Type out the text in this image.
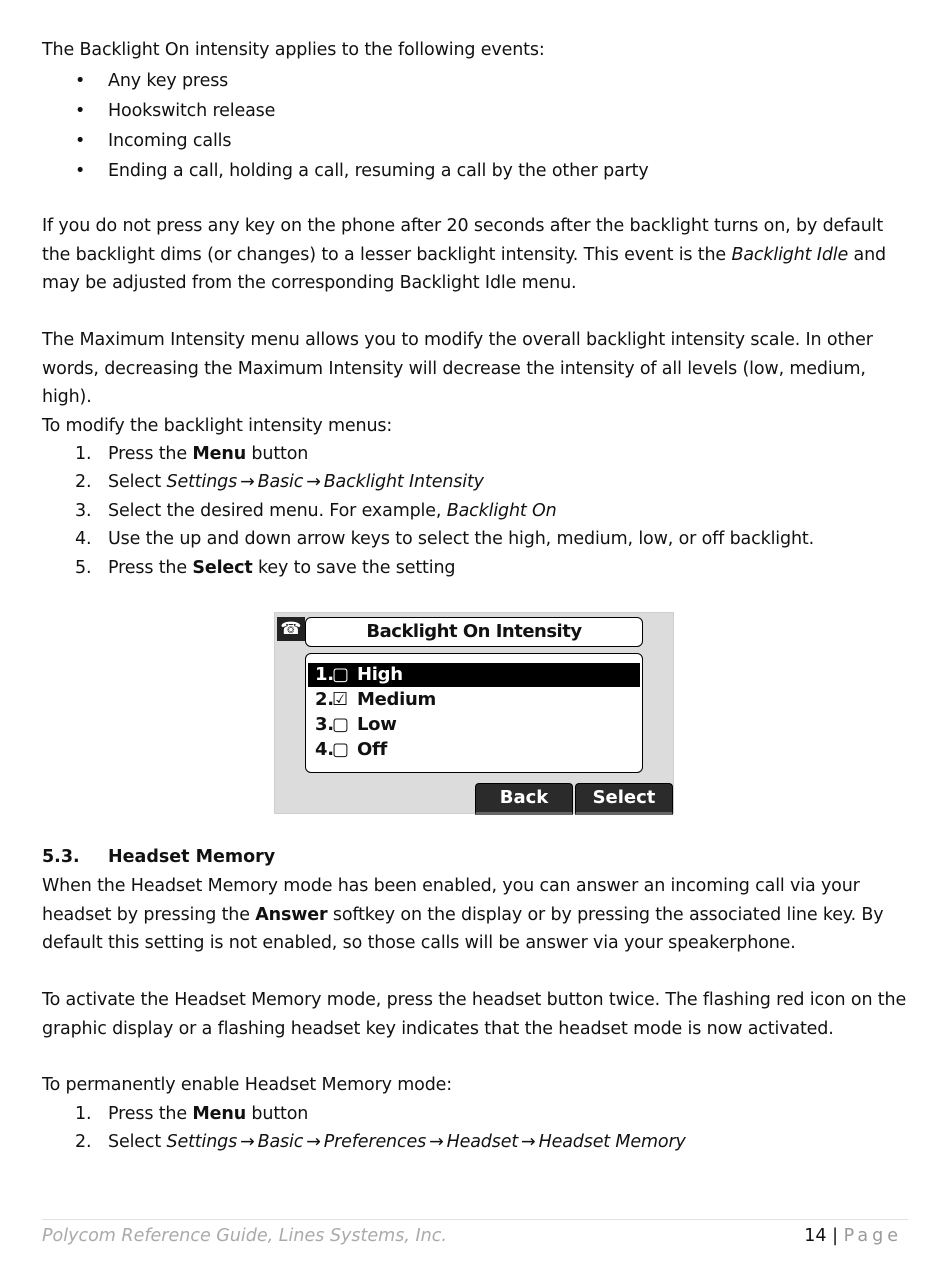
The Backlight On intensity applies to the following events:

• Any key press
• Hookswitch release
• Incoming calls
• Ending a call, holding a call, resuming a call by the other party

If you do not press any key on the phone after 20 seconds after the backlight turns on, by default the backlight dims (or changes) to a lesser backlight intensity. This event is the Backlight Idle and may be adjusted from the corresponding Backlight Idle menu.

The Maximum Intensity menu allows you to modify the overall backlight intensity scale. In other words, decreasing the Maximum Intensity will decrease the intensity of all levels (low, medium, high).

To modify the backlight intensity menus:

1. Press the Menu button
2. Select Settings → Basic → Backlight Intensity
3. Select the desired menu. For example, Backlight On
4. Use the up and down arrow keys to select the high, medium, low, or off backlight.
5. Press the Select key to save the setting
☎	Backlight On Intensity
1.
▢ High
2.
☑ Medium
3.
▢ Low
4.
▢ Off
Back	Select
5.3. Headset Memory

When the Headset Memory mode has been enabled, you can answer an incoming call via your headset by pressing the Answer softkey on the display or by pressing the associated line key. By default this setting is not enabled, so those calls will be answer via your speakerphone.

To activate the Headset Memory mode, press the headset button twice. The flashing red icon on the graphic display or a flashing headset key indicates that the headset mode is now activated.

To permanently enable Headset Memory mode:

1. Press the Menu button
2. Select Settings → Basic → Preferences → Headset → Headset Memory
Polycom Reference Guide, Lines Systems, Inc.	14 | Page
